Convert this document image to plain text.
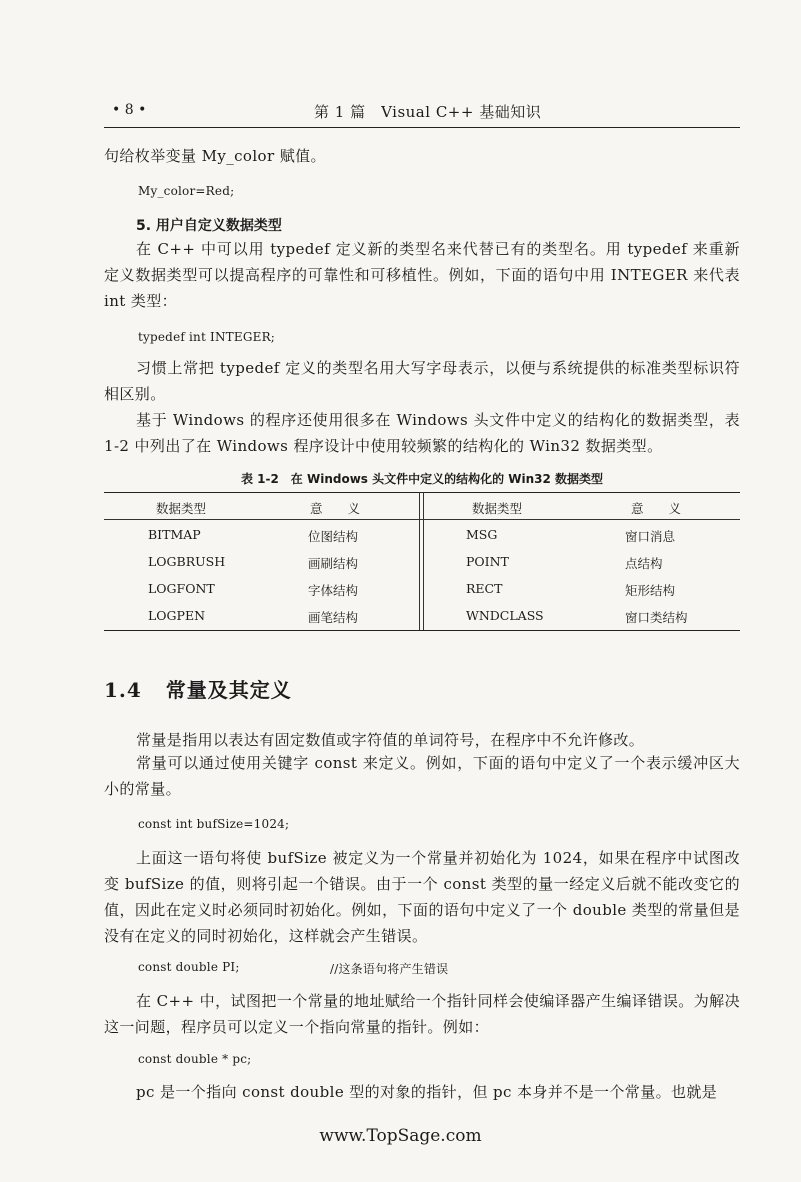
• 8 •	第 1 篇　Visual C++ 基础知识
句给枚举变量 My_color 赋值。
My_color=Red;
5. 用户自定义数据类型
在 C++ 中可以用 typedef 定义新的类型名来代替已有的类型名。用 typedef 来重新定义数据类型可以提高程序的可靠性和可移植性。例如，下面的语句中用 INTEGER 来代表 int 类型：
typedef int INTEGER;
习惯上常把 typedef 定义的类型名用大写字母表示，以便与系统提供的标准类型标识符相区别。
基于 Windows 的程序还使用很多在 Windows 头文件中定义的结构化的数据类型，表 1-2 中列出了在 Windows 程序设计中使用较频繁的结构化的 Win32 数据类型。
表 1-2　在 Windows 头文件中定义的结构化的 Win32 数据类型
数据类型	意　　义	数据类型	意　　义
BITMAP	位图结构	MSG	窗口消息
LOGBRUSH	画刷结构	POINT	点结构
LOGFONT	字体结构	RECT	矩形结构
LOGPEN	画笔结构	WNDCLASS	窗口类结构
1.4 常量及其定义
常量是指用以表达有固定数值或字符值的单词符号，在程序中不允许修改。
常量可以通过使用关键字 const 来定义。例如，下面的语句中定义了一个表示缓冲区大小的常量。
const int bufSize=1024;
上面这一语句将使 bufSize 被定义为一个常量并初始化为 1024，如果在程序中试图改变 bufSize 的值，则将引起一个错误。由于一个 const 类型的量一经定义后就不能改变它的值，因此在定义时必须同时初始化。例如，下面的语句中定义了一个 double 类型的常量但是没有在定义的同时初始化，这样就会产生错误。
const double PI;	//这条语句将产生错误
在 C++ 中，试图把一个常量的地址赋给一个指针同样会使编译器产生编译错误。为解决这一问题，程序员可以定义一个指向常量的指针。例如：
const double * pc;
pc 是一个指向 const double 型的对象的指针，但 pc 本身并不是一个常量。也就是
www.TopSage.com
